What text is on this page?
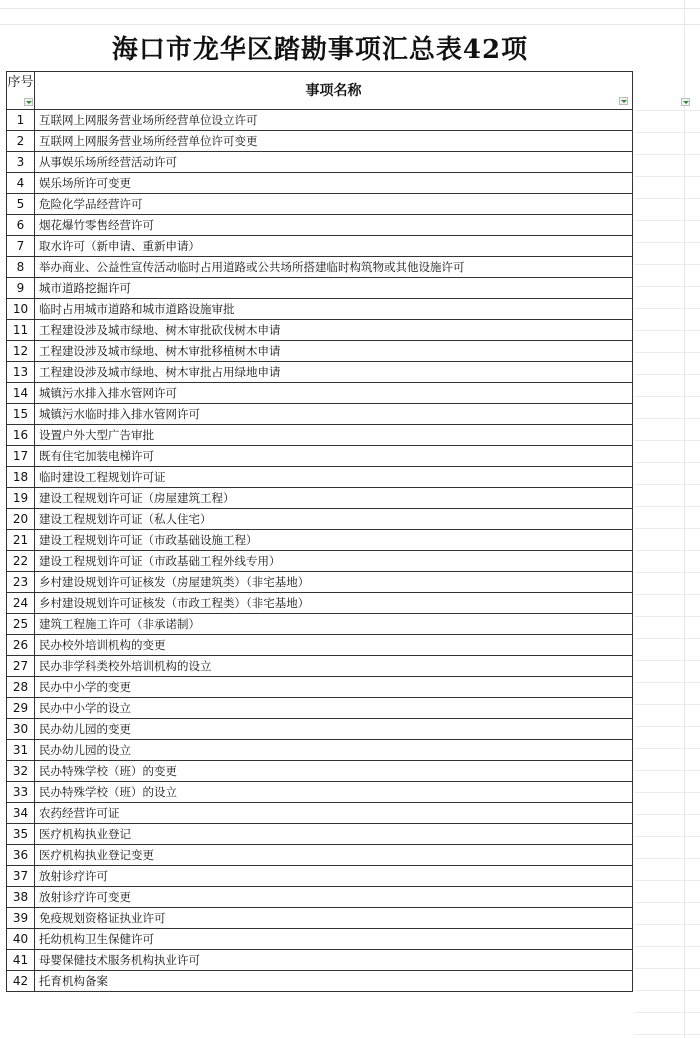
海口市龙华区踏勘事项汇总表42项
序号
事项名称
1	互联网上网服务营业场所经营单位设立许可
2	互联网上网服务营业场所经营单位许可变更
3	从事娱乐场所经营活动许可
4	娱乐场所许可变更
5	危险化学品经营许可
6	烟花爆竹零售经营许可
7	取水许可（新申请、重新申请）
8	举办商业、公益性宣传活动临时占用道路或公共场所搭建临时构筑物或其他设施许可
9	城市道路挖掘许可
10 临时占用城市道路和城市道路设施审批
11 工程建设涉及城市绿地、树木审批砍伐树木申请
12 工程建设涉及城市绿地、树木审批移植树木申请
13 工程建设涉及城市绿地、树木审批占用绿地申请
14 城镇污水排入排水管网许可
15 城镇污水临时排入排水管网许可
16 设置户外大型广告审批
17 既有住宅加装电梯许可
18 临时建设工程规划许可证
19 建设工程规划许可证（房屋建筑工程）
20 建设工程规划许可证（私人住宅）
21 建设工程规划许可证（市政基础设施工程）
22 建设工程规划许可证（市政基础工程外线专用）
23 乡村建设规划许可证核发（房屋建筑类）（非宅基地）
24 乡村建设规划许可证核发（市政工程类）（非宅基地）
25 建筑工程施工许可（非承诺制）
26 民办校外培训机构的变更
27 民办非学科类校外培训机构的设立
28 民办中小学的变更
29 民办中小学的设立
30 民办幼儿园的变更
31 民办幼儿园的设立
32 民办特殊学校（班）的变更
33 民办特殊学校（班）的设立
34 农药经营许可证
35 医疗机构执业登记
36 医疗机构执业登记变更
37 放射诊疗许可
38 放射诊疗许可变更
39 免疫规划资格证执业许可
40 托幼机构卫生保健许可
41 母婴保健技术服务机构执业许可
42 托育机构备案
